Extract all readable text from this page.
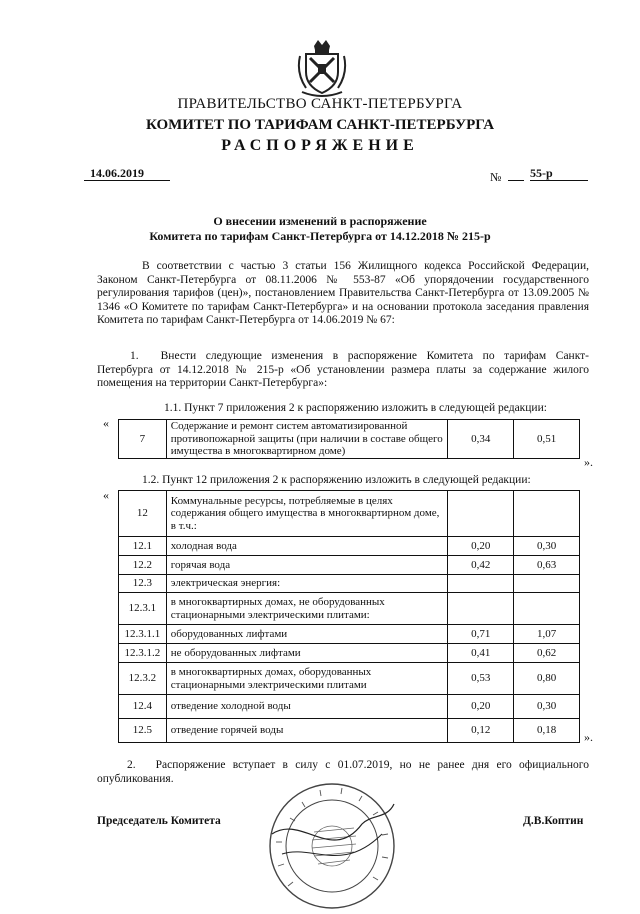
ПРАВИТЕЛЬСТВО САНКТ-ПЕТЕРБУРГА
КОМИТЕТ ПО ТАРИФАМ САНКТ-ПЕТЕРБУРГА
РАСПОРЯЖЕНИЕ
14.06.2019	№ 55-р
О внесении изменений в распоряжение
Комитета по тарифам Санкт-Петербурга от 14.12.2018 № 215-р
В соответствии с частью 3 статьи 156 Жилищного кодекса Российской Федерации, Законом Санкт-Петербурга от 08.11.2006 № 553-87 «Об упорядочении государственного регулирования тарифов (цен)», постановлением Правительства Санкт-Петербурга от 13.09.2005 № 1346 «О Комитете по тарифам Санкт-Петербурга» и на основании протокола заседания правления Комитета по тарифам Санкт-Петербурга от 14.06.2019 № 67:
1. Внести следующие изменения в распоряжение Комитета по тарифам Санкт-Петербурга от 14.12.2018 № 215-р «Об установлении размера платы за содержание жилого помещения на территории Санкт-Петербурга»:
1.1. Пункт 7 приложения 2 к распоряжению изложить в следующей редакции:
«
7	Содержание и ремонт систем автоматизированной противопожарной защиты (при наличии в составе общего имущества в многоквартирном доме)	0,34	0,51
».
1.2. Пункт 12 приложения 2 к распоряжению изложить в следующей редакции:
«
12	Коммунальные ресурсы, потребляемые в целях содержания общего имущества в многоквартирном доме, в т.ч.:		
12.1	холодная вода	0,20	0,30
12.2	горячая вода	0,42	0,63
12.3	электрическая энергия:		
12.3.1	в многоквартирных домах, не оборудованных стационарными электрическими плитами:		
12.3.1.1	оборудованных лифтами	0,71	1,07
12.3.1.2	не оборудованных лифтами	0,41	0,62
12.3.2	в многоквартирных домах, оборудованных стационарными электрическими плитами	0,53	0,80
12.4	отведение холодной воды	0,20	0,30
12.5	отведение горячей воды	0,12	0,18 ».
2. Распоряжение вступает в силу с 01.07.2019, но не ранее дня его официального опубликования.
Председатель Комитета	Д.В.Коптин
